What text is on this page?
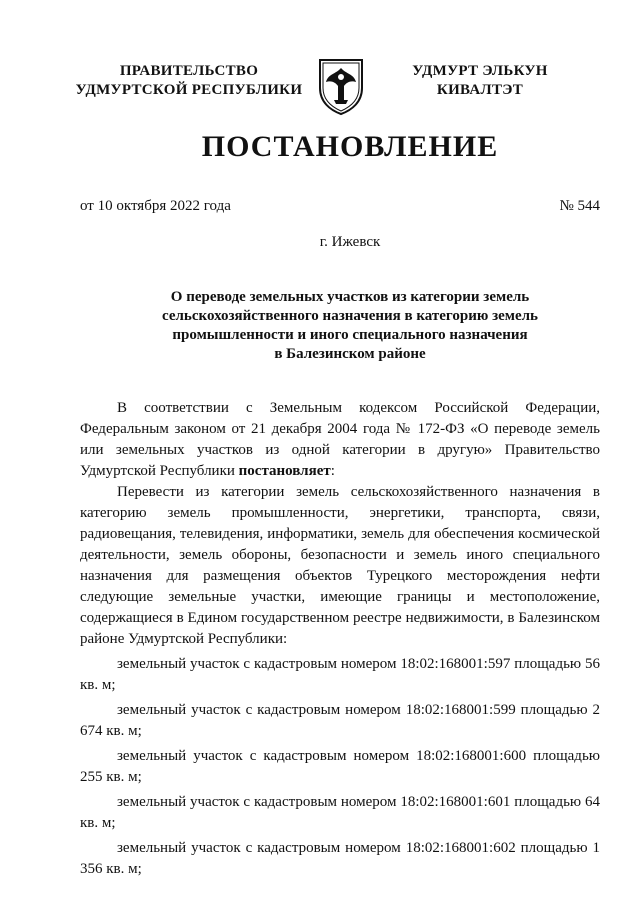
ПРАВИТЕЛЬСТВО
УДМУРТСКОЙ РЕСПУБЛИКИ
УДМУРТ ЭЛЬКУН
КИВАЛТЭТ
ПОСТАНОВЛЕНИЕ
от 10 октября 2022 года	№ 544
г. Ижевск
О переводе земельных участков из категории земель
сельскохозяйственного назначения в категорию земель
промышленности и иного специального назначения
в Балезинском районе

В соответствии с Земельным кодексом Российской Федерации, Федеральным законом от 21 декабря 2004 года № 172-ФЗ «О переводе земель или земельных участков из одной категории в другую» Правительство Удмуртской Республики постановляет:

Перевести из категории земель сельскохозяйственного назначения в категорию земель промышленности, энергетики, транспорта, связи, радиовещания, телевидения, информатики, земель для обеспечения космической деятельности, земель обороны, безопасности и земель иного специального назначения для размещения объектов Турецкого месторождения нефти следующие земельные участки, имеющие границы и местоположение, содержащиеся в Едином государственном реестре недвижимости, в Балезинском районе Удмуртской Республики:

земельный участок с кадастровым номером 18:02:168001:597 площадью 56 кв. м;
земельный участок с кадастровым номером 18:02:168001:599 площадью 2 674 кв. м;
земельный участок с кадастровым номером 18:02:168001:600 площадью 255 кв. м;
земельный участок с кадастровым номером 18:02:168001:601 площадью 64 кв. м;
земельный участок с кадастровым номером 18:02:168001:602 площадью 1 356 кв. м;
